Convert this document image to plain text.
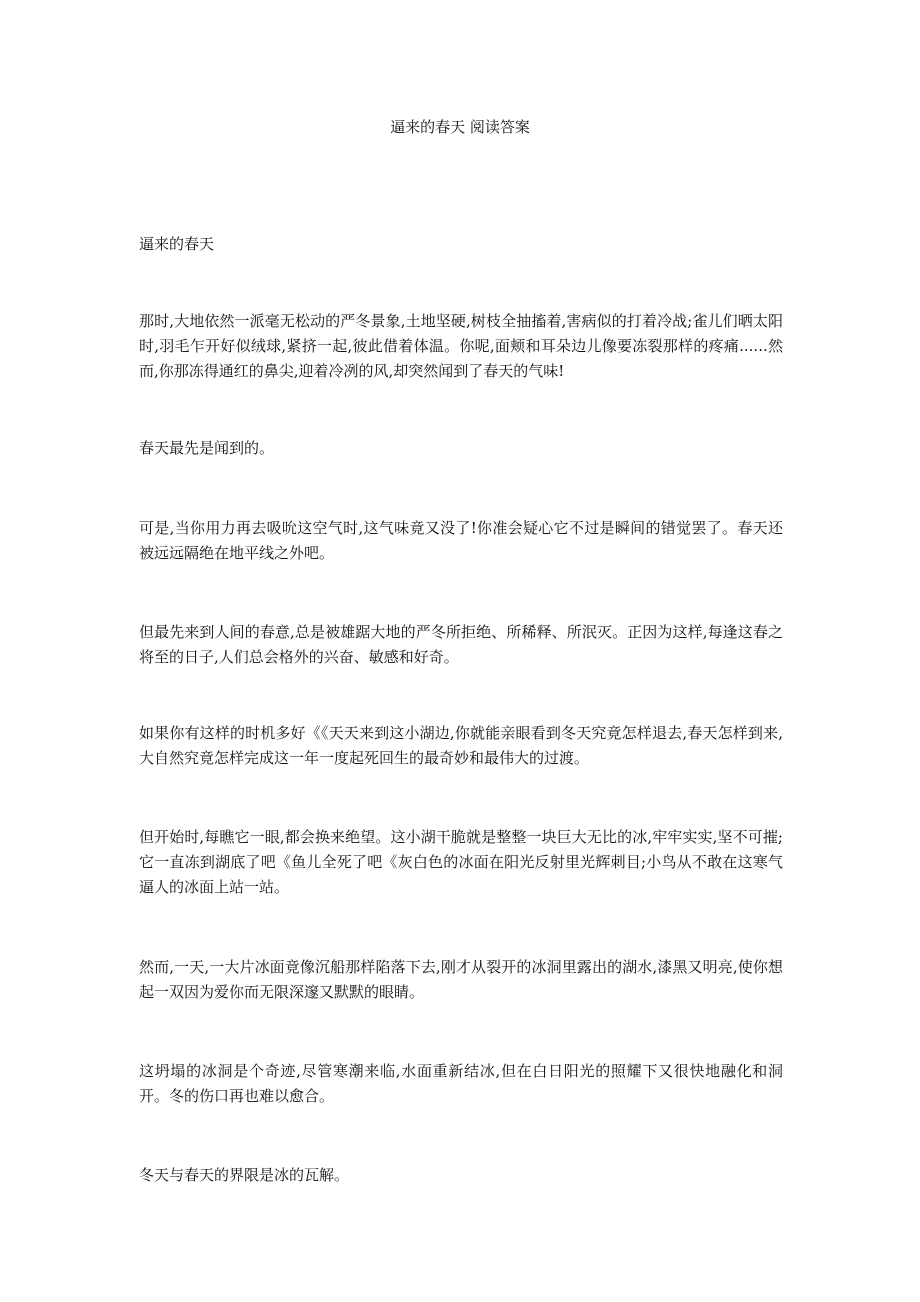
逼来的春天 阅读答案

逼来的春天

那时,大地依然一派毫无松动的严冬景象,土地坚硬,树枝全抽搐着,害病似的打着冷战;雀儿们晒太阳时,羽毛乍开好似绒球,紧挤一起,彼此借着体温。你呢,面颊和耳朵边儿像要冻裂那样的疼痛......然而,你那冻得通红的鼻尖,迎着冷冽的风,却突然闻到了春天的气味!

春天最先是闻到的。

可是,当你用力再去吸吮这空气时,这气味竟又没了!你准会疑心它不过是瞬间的错觉罢了。春天还被远远隔绝在地平线之外吧。

但最先来到人间的春意,总是被雄踞大地的严冬所拒绝、所稀释、所泯灭。正因为这样,每逢这春之将至的日子,人们总会格外的兴奋、敏感和好奇。

如果你有这样的时机多好《《天天来到这小湖边,你就能亲眼看到冬天究竟怎样退去,春天怎样到来,大自然究竟怎样完成这一年一度起死回生的最奇妙和最伟大的过渡。

但开始时,每瞧它一眼,都会换来绝望。这小湖干脆就是整整一块巨大无比的冰,牢牢实实,坚不可摧;它一直冻到湖底了吧《鱼儿全死了吧《灰白色的冰面在阳光反射里光辉刺目;小鸟从不敢在这寒气逼人的冰面上站一站。

然而,一天,一大片冰面竟像沉船那样陷落下去,刚才从裂开的冰洞里露出的湖水,漆黑又明亮,使你想起一双因为爱你而无限深邃又默默的眼睛。

这坍塌的冰洞是个奇迹,尽管寒潮来临,水面重新结冰,但在白日阳光的照耀下又很快地融化和洞开。冬的伤口再也难以愈合。

冬天与春天的界限是冰的瓦解。
